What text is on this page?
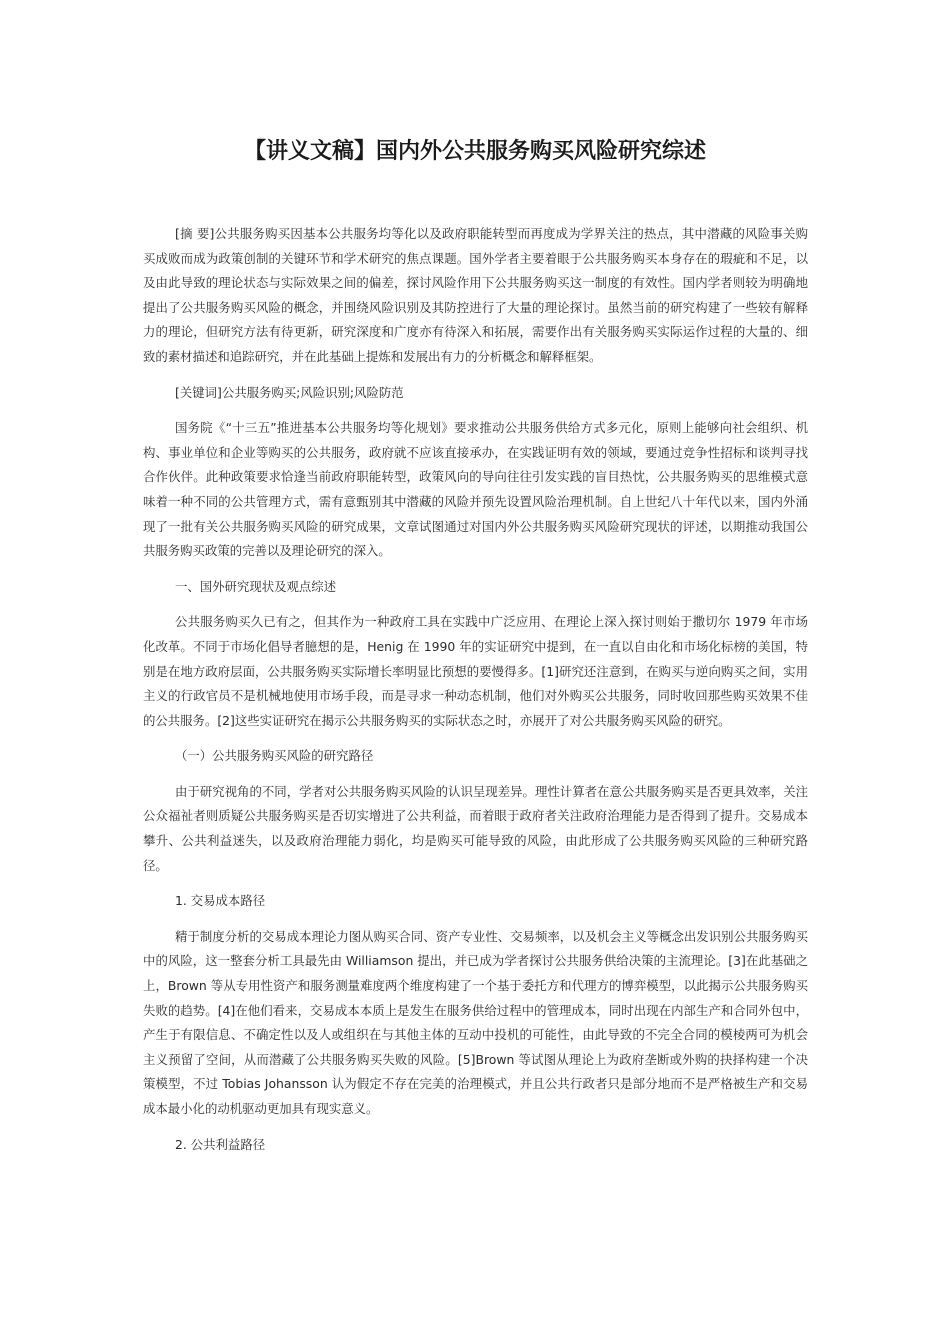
【讲义文稿】国内外公共服务购买风险研究综述

[摘 要]公共服务购买因基本公共服务均等化以及政府职能转型而再度成为学界关注的热点，其中潜藏的风险事关购买成败而成为政策创制的关键环节和学术研究的焦点课题。国外学者主要着眼于公共服务购买本身存在的瑕疵和不足，以及由此导致的理论状态与实际效果之间的偏差，探讨风险作用下公共服务购买这一制度的有效性。国内学者则较为明确地提出了公共服务购买风险的概念，并围绕风险识别及其防控进行了大量的理论探讨。虽然当前的研究构建了一些较有解释力的理论，但研究方法有待更新，研究深度和广度亦有待深入和拓展，需要作出有关服务购买实际运作过程的大量的、细致的素材描述和追踪研究，并在此基础上提炼和发展出有力的分析概念和解释框架。

[关键词]公共服务购买;风险识别;风险防范

国务院《“十三五”推进基本公共服务均等化规划》要求推动公共服务供给方式多元化，原则上能够向社会组织、机构、事业单位和企业等购买的公共服务，政府就不应该直接承办，在实践证明有效的领域，要通过竞争性招标和谈判寻找合作伙伴。此种政策要求恰逢当前政府职能转型，政策风向的导向往往引发实践的盲目热忱，公共服务购买的思维模式意味着一种不同的公共管理方式，需有意甄别其中潜藏的风险并预先设置风险治理机制。自上世纪八十年代以来，国内外涌现了一批有关公共服务购买风险的研究成果，文章试图通过对国内外公共服务购买风险研究现状的评述，以期推动我国公共服务购买政策的完善以及理论研究的深入。

一、国外研究现状及观点综述

公共服务购买久已有之，但其作为一种政府工具在实践中广泛应用、在理论上深入探讨则始于撒切尔 1979 年市场化改革。不同于市场化倡导者臆想的是，Henig 在 1990 年的实证研究中提到，在一直以自由化和市场化标榜的美国，特别是在地方政府层面，公共服务购买实际增长率明显比预想的要慢得多。[1]研究还注意到，在购买与逆向购买之间，实用主义的行政官员不是机械地使用市场手段，而是寻求一种动态机制，他们对外购买公共服务，同时收回那些购买效果不佳的公共服务。[2]这些实证研究在揭示公共服务购买的实际状态之时，亦展开了对公共服务购买风险的研究。

（一）公共服务购买风险的研究路径

由于研究视角的不同，学者对公共服务购买风险的认识呈现差异。理性计算者在意公共服务购买是否更具效率，关注公众福祉者则质疑公共服务购买是否切实增进了公共利益，而着眼于政府者关注政府治理能力是否得到了提升。交易成本攀升、公共利益迷失，以及政府治理能力弱化，均是购买可能导致的风险，由此形成了公共服务购买风险的三种研究路径。

1. 交易成本路径

精于制度分析的交易成本理论力图从购买合同、资产专业性、交易频率，以及机会主义等概念出发识别公共服务购买中的风险，这一整套分析工具最先由 Williamson 提出，并已成为学者探讨公共服务供给决策的主流理论。[3]在此基础之上，Brown 等从专用性资产和服务测量难度两个维度构建了一个基于委托方和代理方的博弈模型，以此揭示公共服务购买失败的趋势。[4]在他们看来，交易成本本质上是发生在服务供给过程中的管理成本，同时出现在内部生产和合同外包中，产生于有限信息、不确定性以及人或组织在与其他主体的互动中投机的可能性，由此导致的不完全合同的模棱两可为机会主义预留了空间，从而潜藏了公共服务购买失败的风险。[5]Brown 等试图从理论上为政府垄断或外购的抉择构建一个决策模型，不过 Tobias Johansson 认为假定不存在完美的治理模式，并且公共行政者只是部分地而不是严格被生产和交易成本最小化的动机驱动更加具有现实意义。

2. 公共利益路径
